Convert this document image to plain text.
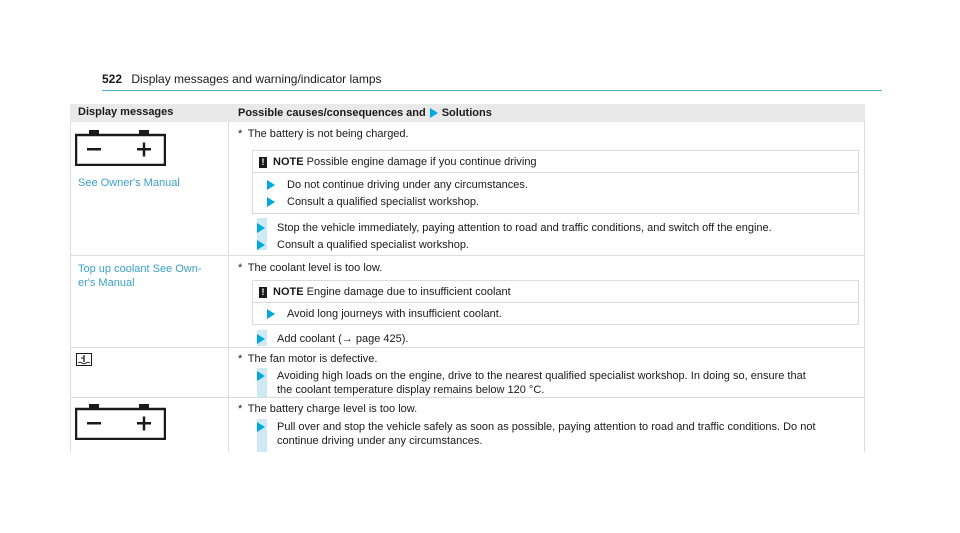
522 Display messages and warning/indicator lamps
Display messages	Possible causes/consequences and Solutions
See Owner's Manual
* The battery is not being charged.
! NOTE Possible engine damage if you continue driving
Do not continue driving under any circumstances.
Consult a qualified specialist workshop.
Stop the vehicle immediately, paying attention to road and traffic conditions, and switch off the engine.
Consult a qualified specialist workshop.
Top up coolant See Own-
er's Manual
* The coolant level is too low.
! NOTE Engine damage due to insufficient coolant
Avoid long journeys with insufficient coolant.
Add coolant (→ page 425).
* The fan motor is defective.
Avoiding high loads on the engine, drive to the nearest qualified specialist workshop. In doing so, ensure that
the coolant temperature display remains below 120 °C.
* The battery charge level is too low.
Pull over and stop the vehicle safely as soon as possible, paying attention to road and traffic conditions. Do not
continue driving under any circumstances.
